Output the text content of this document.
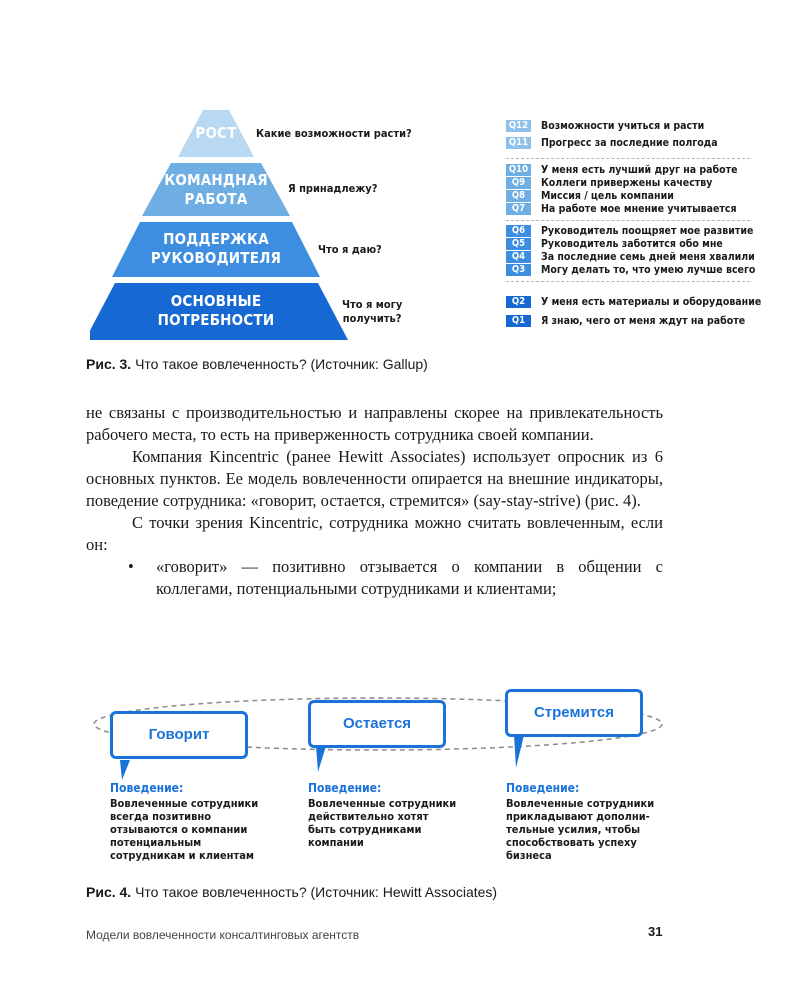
РОСТ
КОМАНДНАЯ
РАБОТА
ПОДДЕРЖКА
РУКОВОДИТЕЛЯ
ОСНОВНЫЕ
ПОТРЕБНОСТИ
Какие возможности расти?
Я принадлежу?
Что я даю?
Что я могу
получить?
Q12 Возможности учиться и расти
Q11 Прогресс за последние полгода
Q10 У меня есть лучший друг на работе
Q9	Коллеги привержены качеству
Q8	Миссия / цель компании
Q7	На работе мое мнение учитывается
Q6	Руководитель поощряет мое развитие
Q5	Руководитель заботится обо мне
Q4	За последние семь дней меня хвалили
Q3	Могу делать то, что умею лучше всего
Q2	У меня есть материалы и оборудование
Q1	Я знаю, чего от меня ждут на работе
Рис. 3. Что такое вовлеченность? (Источник: Gallup)

не связаны с производительностью и направлены скорее на привлекательность рабочего места, то есть на приверженность сотрудника своей компании.

Компания Kincentric (ранее Hewitt Associates) использует опросник из 6 основных пунктов. Ее модель вовлеченности опирается на внешние индикаторы, поведение сотрудника: «говорит, остается, стремится» (say-stay-strive) (рис. 4).

С точки зрения Kincentric, сотрудника можно считать вовлеченным, если он:

• «говорит» — позитивно отзывается о компании в общении с коллегами, потенциальными сотрудниками и клиентами;
Говорит
Остается
Стремится
Поведение:
Вовлеченные сотрудники всегда позитивно отзываются о компании потенциальным сотрудникам и клиентам
Поведение:
Вовлеченные сотрудники действительно хотят быть сотрудниками компании
Поведение:
Вовлеченные сотрудники прикладывают дополни-тельные усилия, чтобы способствовать успеху бизнеса
Рис. 4. Что такое вовлеченность? (Источник: Hewitt Associates)
Модели вовлеченности консалтинговых агентств	31
